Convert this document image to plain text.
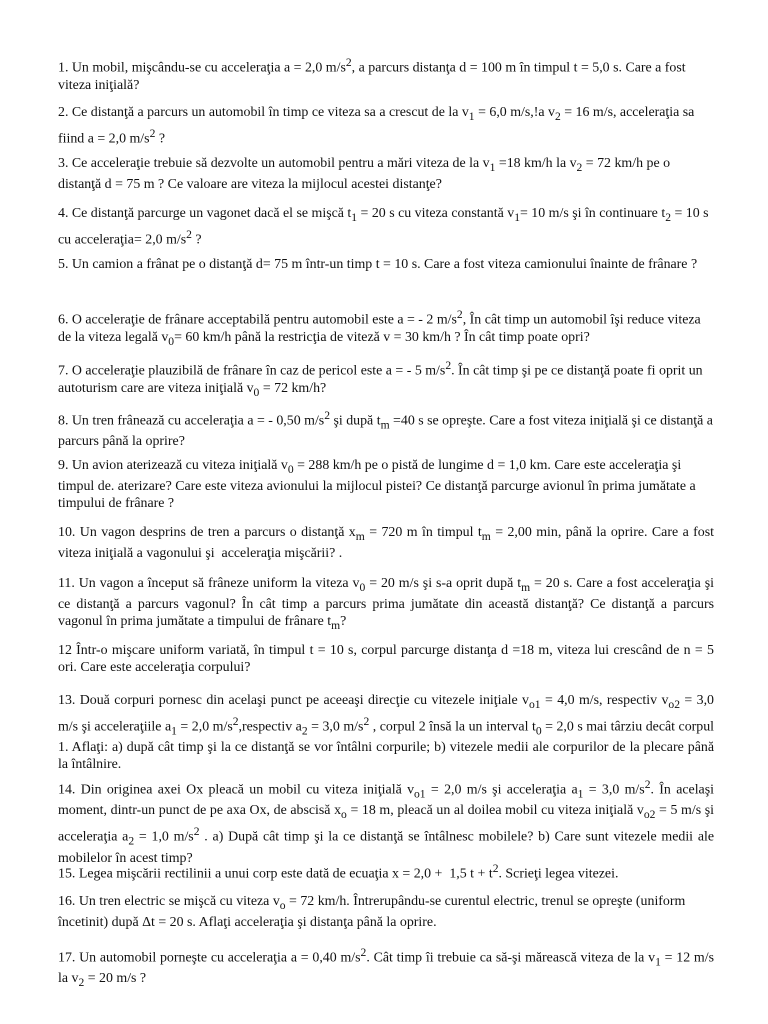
1. Un mobil, mişcându-se cu acceleraţia a = 2,0 $m/s^2$, a parcurs distanţa d = 100 m în timpul t = 5,0 s. Care a fost viteza iniţială?

2. Ce distanţă a parcurs un automobil în timp ce viteza sa a crescut de la $v_1 = 6,0$ m/s,!a $v_2 = 16$ m/s, acceleraţia sa fiind a = 2,0 $m/s^2$ ?

3. Ce acceleraţie trebuie să dezvolte un automobil pentru a mări viteza de la $v_1 =18$ km/h la $v_2 = 72$ km/h pe o distanţă d = 75 m ? Ce valoare are viteza la mijlocul acestei distanţe?

4. Ce distanţă parcurge un vagonet dacă el se mişcă $t_1 = 20$ s cu viteza constantă $v_1= 10$ m/s şi în continuare $t_2 = 10$ s cu acceleraţia= 2,0 $m/s^2$ ?

5. Un camion a frânat pe o distanţă d= 75 m într-un timp t = 10 s. Care a fost viteza camionului înainte de frânare ?

6. O acceleraţie de frânare acceptabilă pentru automobil este a = - 2 $m/s^2$, În cât timp un automobil îşi reduce viteza de la viteza legală $v_0= 60$ km/h până la restricţia de viteză v = 30 km/h ? În cât timp poate opri?

7. O acceleraţie plauzibilă de frânare în caz de pericol este a = - 5 $m/s^2$. În cât timp şi pe ce distanţă poate fi oprit un autoturism care are viteza iniţială $v_0 = 72$ km/h?

8. Un tren frânează cu acceleraţia a = - 0,50 $m/s^2$ şi după $t_m =40$ s se opreşte. Care a fost viteza iniţială şi ce distanţă a parcurs până la oprire?

9. Un avion aterizează cu viteza iniţială $v_0 = 288$ km/h pe o pistă de lungime d = 1,0 km. Care este acceleraţia şi timpul de. aterizare? Care este viteza avionului la mijlocul pistei? Ce distanţă parcurge avionul în prima jumătate a timpului de frânare ?

10. Un vagon desprins de tren a parcurs o distanţă $x_m = 720$ m în timpul $t_m = 2,00$ min, până la oprire. Care a fost viteza iniţială a vagonului şi  acceleraţia mişcării? .

11. Un vagon a început să frâneze uniform la viteza $v_0 = 20$ m/s şi s-a oprit după $t_m = 20$ s. Care a fost acceleraţia şi ce distanţă a parcurs vagonul? În cât timp a parcurs prima jumătate din această distanţă? Ce distanţă a parcurs vagonul în prima jumătate a timpului de frânare $t_m$?

12 Într-o mişcare uniform variată, în timpul t = 10 s, corpul parcurge distanţa d =18 m, viteza lui crescând de n = 5 ori. Care este acceleraţia corpului?

13. Două corpuri pornesc din acelaşi punct pe aceeaşi direcţie cu vitezele iniţiale $v_{o1} = 4,0$ m/s, respectiv $v_{o2} = 3,0$ m/s şi acceleraţiile $a_1 = 2,0$ $m/s^2,respectiv$ $a_2 = 3,0$ $m/s^2$ , corpul 2 însă la un interval $t_0 = 2,0$ s mai târziu decât corpul 1. Aflaţi: a) după cât timp şi la ce distanţă se vor întâlni corpurile; b) vitezele medii ale corpurilor de la plecare până la întâlnire.

14. Din originea axei Ox pleacă un mobil cu viteza iniţială $v_{o1} = 2,0$ m/s şi acceleraţia $a_1 = 3,0$ $m/s^2$. În acelaşi moment, dintr-un punct de pe axa Ox, de abscisă $x_o = 18$ m, pleacă un al doilea mobil cu viteza iniţială $v_{o2} = 5$ m/s şi acceleraţia $a_2 = 1,0$ $m/s^2$ . a) După cât timp şi la ce distanţă se întâlnesc mobilele? b) Care sunt vitezele medii ale mobilelor în acest timp?

15. Legea mişcării rectilinii a unui corp este dată de ecuaţia x = 2,0 +  1,5 $t + t^2$. Scrieţi legea vitezei.

16. Un tren electric se mişcă cu viteza $v_o = 72$ km/h. Întrerupându-se curentul electric, trenul se opreşte (uniform încetinit) după Δt = 20 s. Aflaţi acceleraţia şi distanţa până la oprire.

17. Un automobil porneşte cu acceleraţia a = 0,40 $m/s^2$. Cât timp îi trebuie ca să-şi mărească viteza de la $v_1 = 12$ m/s la $v_2 = 20$ m/s ?
